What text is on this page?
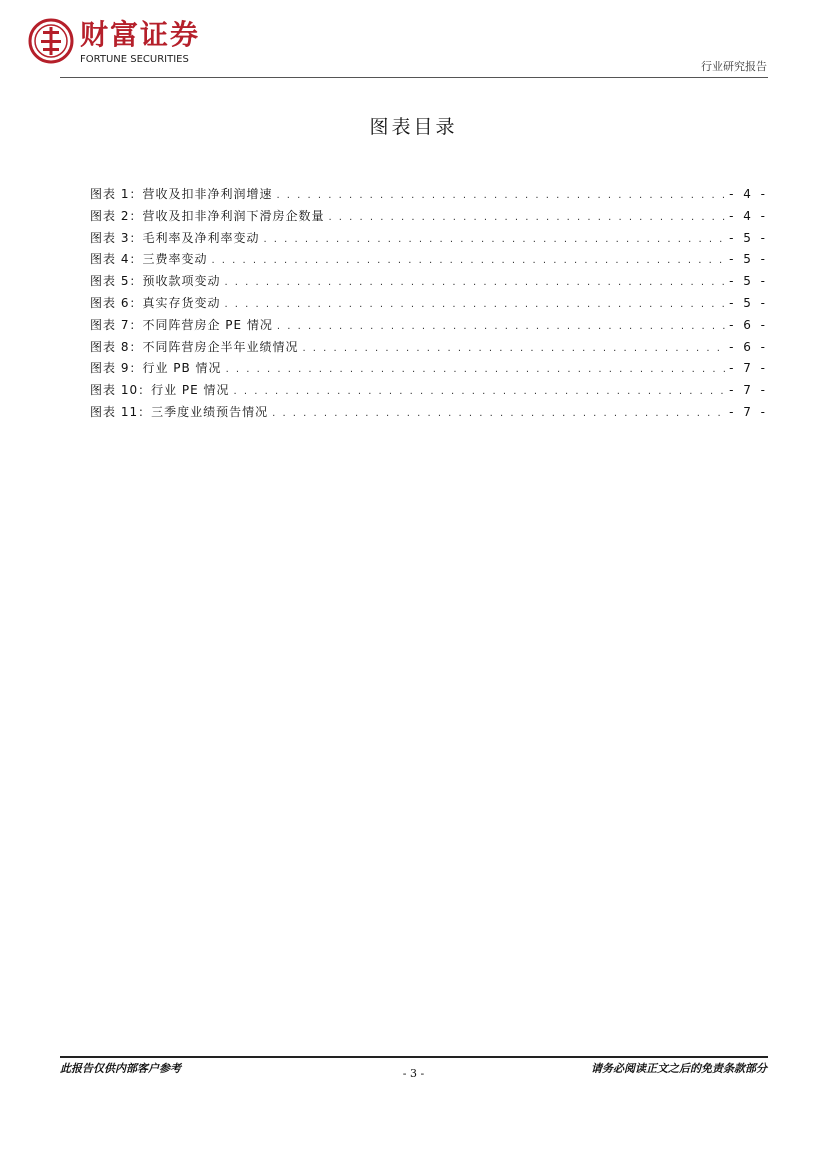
财富证券
FORTUNE SECURITIES
行业研究报告
图表目录
图表 1：营收及扣非净利润增速 . . .	- 4 -
图表 2：营收及扣非净利润下滑房企数量 . . .	- 4 -
图表 3：毛利率及净利率变动 . . .	- 5 -
图表 4：三费率变动 . . .	- 5 -
图表 5：预收款项变动 . . .	- 5 -
图表 6：真实存货变动 . . .	- 5 -
图表 7：不同阵营房企 PE 情况 . . .	- 6 -
图表 8：不同阵营房企半年业绩情况 . . .	- 6 -
图表 9：行业 PB 情况 . . .	- 7 -
图表 10：行业 PE 情况 . . .	- 7 -
图表 11：三季度业绩预告情况 . . .	- 7 -
此报告仅供内部客户参考	- 3 -	请务必阅读正文之后的免责条款部分
